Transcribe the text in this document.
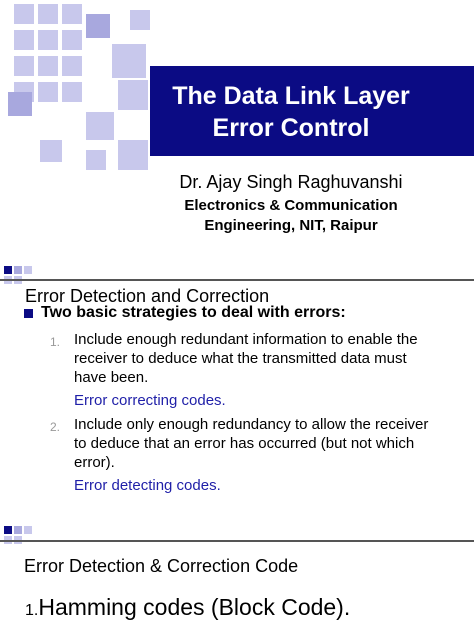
The Data Link Layer
Error Control
Dr. Ajay Singh Raghuvanshi
Electronics & Communication
Engineering, NIT, Raipur
Error Detection and Correction
Two basic strategies to deal with errors:
1. Include enough redundant information to enable the receiver to deduce what the transmitted data must have been.
Error correcting codes.
2. Include only enough redundancy to allow the receiver to deduce that an error has occurred (but not which error).
Error detecting codes.
Error Detection & Correction Code
1.Hamming codes (Block Code).
